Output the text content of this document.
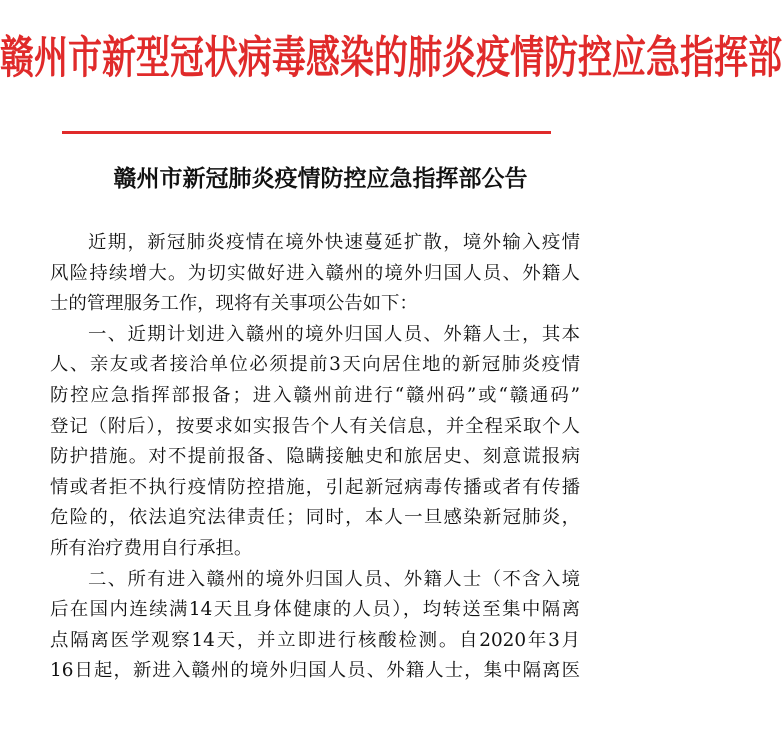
赣州市新型冠状病毒感染的肺炎疫情防控应急指挥部
赣州市新冠肺炎疫情防控应急指挥部公告
近期，新冠肺炎疫情在境外快速蔓延扩散，境外输入疫情
风险持续增大。为切实做好进入赣州的境外归国人员、外籍人
士的管理服务工作，现将有关事项公告如下：
一、近期计划进入赣州的境外归国人员、外籍人士，其本
人、亲友或者接洽单位必须提前3天向居住地的新冠肺炎疫情
防控应急指挥部报备；进入赣州前进行“赣州码”或“赣通码”
登记（附后），按要求如实报告个人有关信息，并全程采取个人
防护措施。对不提前报备、隐瞒接触史和旅居史、刻意谎报病
情或者拒不执行疫情防控措施，引起新冠病毒传播或者有传播
危险的，依法追究法律责任；同时，本人一旦感染新冠肺炎，
所有治疗费用自行承担。
二、所有进入赣州的境外归国人员、外籍人士（不含入境
后在国内连续满14天且身体健康的人员），均转送至集中隔离
点隔离医学观察14天，并立即进行核酸检测。自2020年3月
16日起，新进入赣州的境外归国人员、外籍人士，集中隔离医
